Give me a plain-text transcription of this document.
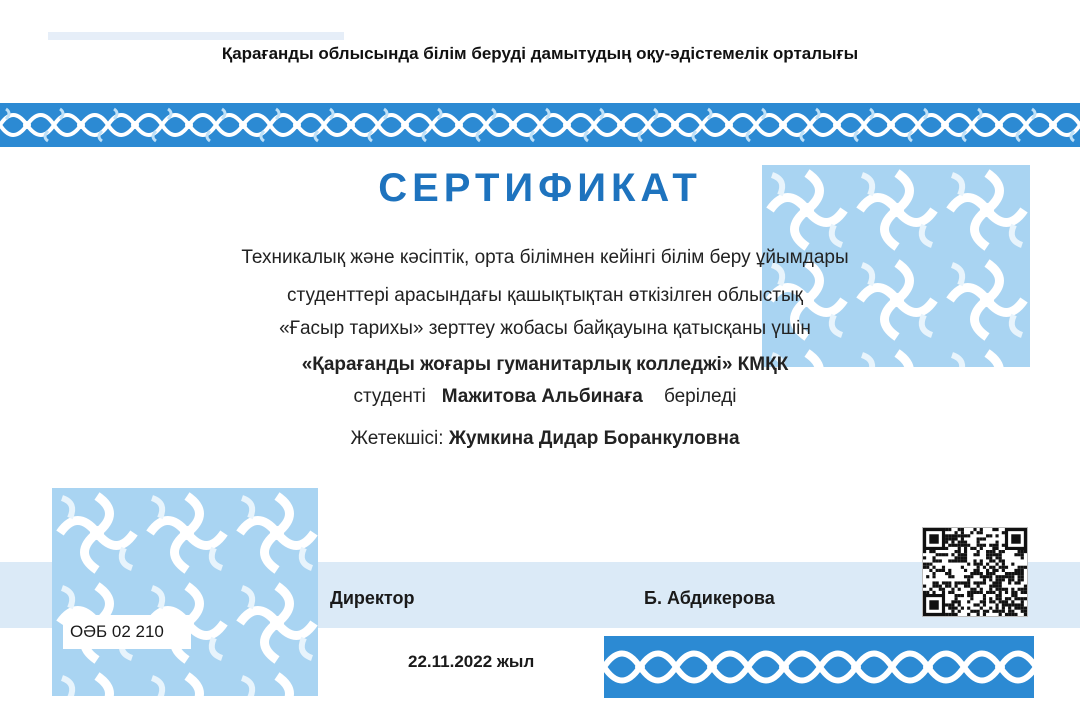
Қарағанды облысында білім беруді дамытудың оқу-әдістемелік орталығы
СЕРТИФИКАТ
Техникалық және кәсіптік, орта білімнен кейінгі білім беру ұйымдары
студенттері арасындағы қашықтықтан өткізілген облыстық
«Ғасыр тарихы» зерттеу жобасы байқауына қатысқаны үшін
«Қарағанды жоғары гуманитарлық колледжі» КМҚК
студенті Мажитова Альбинаға беріледі
Жетекшісі: Жумкина Дидар Боранкуловна
Директор	Б. Абдикерова
ОӘБ 02 210
22.11.2022 жыл
